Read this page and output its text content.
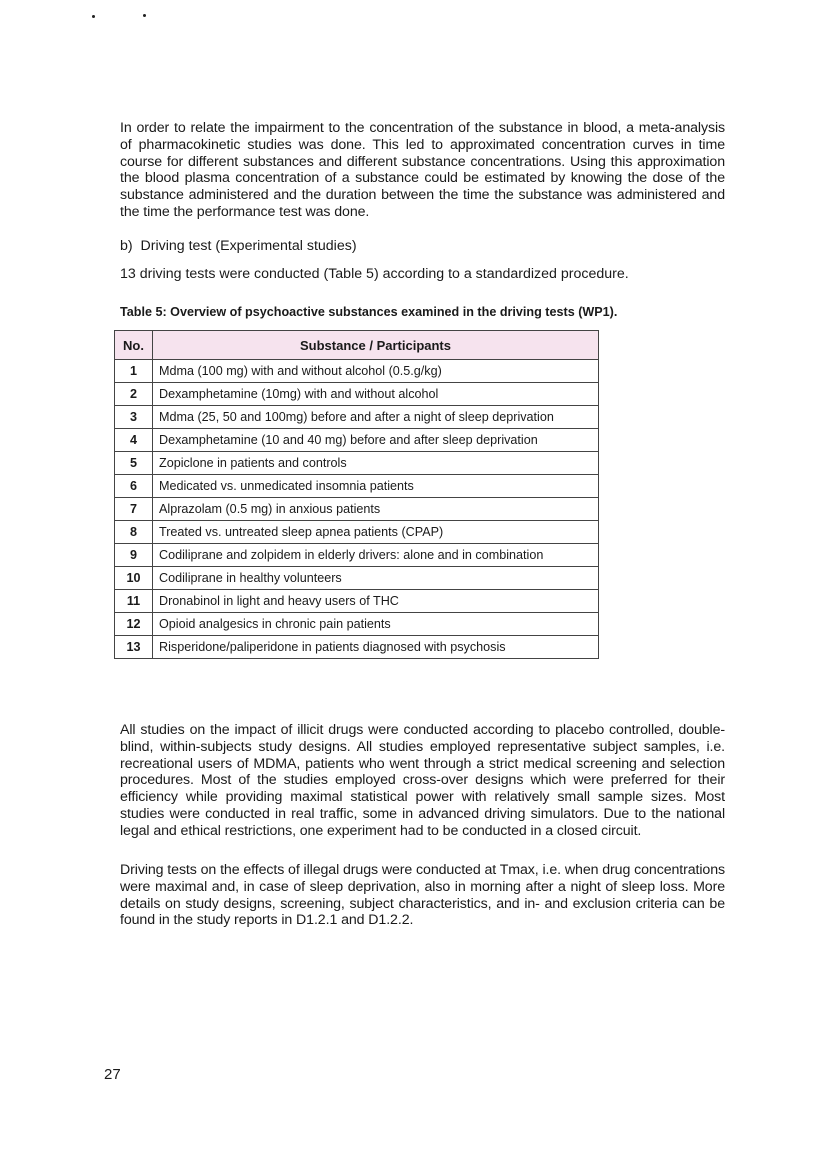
In order to relate the impairment to the concentration of the substance in blood, a meta-analysis of pharmacokinetic studies was done. This led to approximated concentration curves in time course for different substances and different substance concentrations. Using this approximation the blood plasma concentration of a substance could be estimated by knowing the dose of the substance administered and the duration between the time the substance was administered and the time the performance test was done.

b)  Driving test (Experimental studies)

13 driving tests were conducted (Table 5) according to a standardized procedure.

Table 5: Overview of psychoactive substances examined in the driving tests (WP1).

No.	Substance / Participants
1	Mdma (100 mg) with and without alcohol (0.5.g/kg)
2	Dexamphetamine (10mg) with and without alcohol
3	Mdma (25, 50 and 100mg) before and after a night of sleep deprivation
4	Dexamphetamine (10 and 40 mg) before and after sleep deprivation
5	Zopiclone in patients and controls
6	Medicated vs. unmedicated insomnia patients
7	Alprazolam (0.5 mg) in anxious patients
8	Treated vs. untreated sleep apnea patients (CPAP)
9	Codiliprane and zolpidem in elderly drivers: alone and in combination
10	Codiliprane in healthy volunteers
11	Dronabinol in light and heavy users of THC
12	Opioid analgesics in chronic pain patients
13	Risperidone/paliperidone in patients diagnosed with psychosis

All studies on the impact of illicit drugs were conducted according to placebo controlled, double-blind, within-subjects study designs. All studies employed representative subject samples, i.e. recreational users of MDMA, patients who went through a strict medical screening and selection procedures. Most of the studies employed cross-over designs which were preferred for their efficiency while providing maximal statistical power with relatively small sample sizes. Most studies were conducted in real traffic, some in advanced driving simulators. Due to the national legal and ethical restrictions, one experiment had to be conducted in a closed circuit.

Driving tests on the effects of illegal drugs were conducted at Tmax, i.e. when drug concentrations were maximal and, in case of sleep deprivation, also in morning after a night of sleep loss. More details on study designs, screening, subject characteristics, and in- and exclusion criteria can be found in the study reports in D1.2.1 and D1.2.2.

27
